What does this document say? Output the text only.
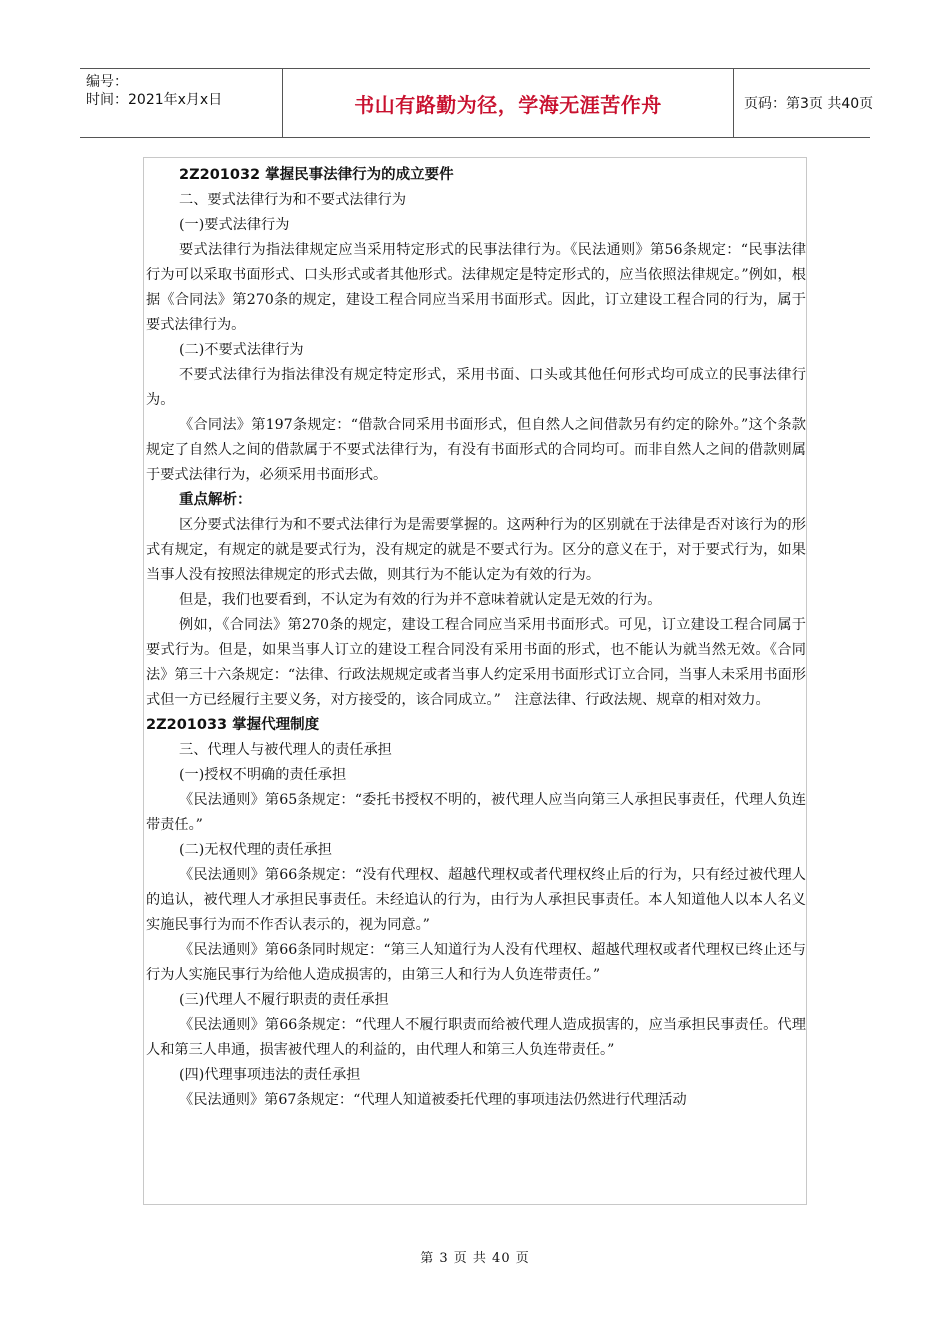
编号：
时间：2021年x月x日	书山有路勤为径，学海无涯苦作舟	页码：第3页 共40页

2Z201032 掌握民事法律行为的成立要件

二、要式法律行为和不要式法律行为

(一)要式法律行为

要式法律行为指法律规定应当采用特定形式的民事法律行为。《民法通则》第56条规定：“民事法律行为可以采取书面形式、口头形式或者其他形式。法律规定是特定形式的，应当依照法律规定。”例如，根据《合同法》第270条的规定，建设工程合同应当采用书面形式。因此，订立建设工程合同的行为，属于要式法律行为。

(二)不要式法律行为

不要式法律行为指法律没有规定特定形式，采用书面、口头或其他任何形式均可成立的民事法律行为。

《合同法》第197条规定：“借款合同采用书面形式，但自然人之间借款另有约定的除外。”这个条款规定了自然人之间的借款属于不要式法律行为，有没有书面形式的合同均可。而非自然人之间的借款则属于要式法律行为，必须采用书面形式。

重点解析：

区分要式法律行为和不要式法律行为是需要掌握的。这两种行为的区别就在于法律是否对该行为的形式有规定，有规定的就是要式行为，没有规定的就是不要式行为。区分的意义在于，对于要式行为，如果当事人没有按照法律规定的形式去做，则其行为不能认定为有效的行为。

但是，我们也要看到，不认定为有效的行为并不意味着就认定是无效的行为。

例如，《合同法》第270条的规定，建设工程合同应当采用书面形式。可见，订立建设工程合同属于要式行为。但是，如果当事人订立的建设工程合同没有采用书面的形式，也不能认为就当然无效。《合同法》第三十六条规定：“法律、行政法规规定或者当事人约定采用书面形式订立合同，当事人未采用书面形式但一方已经履行主要义务，对方接受的，该合同成立。”   注意法律、行政法规、规章的相对效力。

2Z201033 掌握代理制度

三、代理人与被代理人的责任承担

(一)授权不明确的责任承担

《民法通则》第65条规定：“委托书授权不明的，被代理人应当向第三人承担民事责任，代理人负连带责任。”

(二)无权代理的责任承担

《民法通则》第66条规定：“没有代理权、超越代理权或者代理权终止后的行为，只有经过被代理人的追认，被代理人才承担民事责任。未经追认的行为，由行为人承担民事责任。本人知道他人以本人名义实施民事行为而不作否认表示的，视为同意。”

《民法通则》第66条同时规定：“第三人知道行为人没有代理权、超越代理权或者代理权已终止还与行为人实施民事行为给他人造成损害的，由第三人和行为人负连带责任。”

(三)代理人不履行职责的责任承担

《民法通则》第66条规定：“代理人不履行职责而给被代理人造成损害的，应当承担民事责任。代理人和第三人串通，损害被代理人的利益的，由代理人和第三人负连带责任。”

(四)代理事项违法的责任承担

《民法通则》第67条规定：“代理人知道被委托代理的事项违法仍然进行代理活动

第 3 页 共 40 页
